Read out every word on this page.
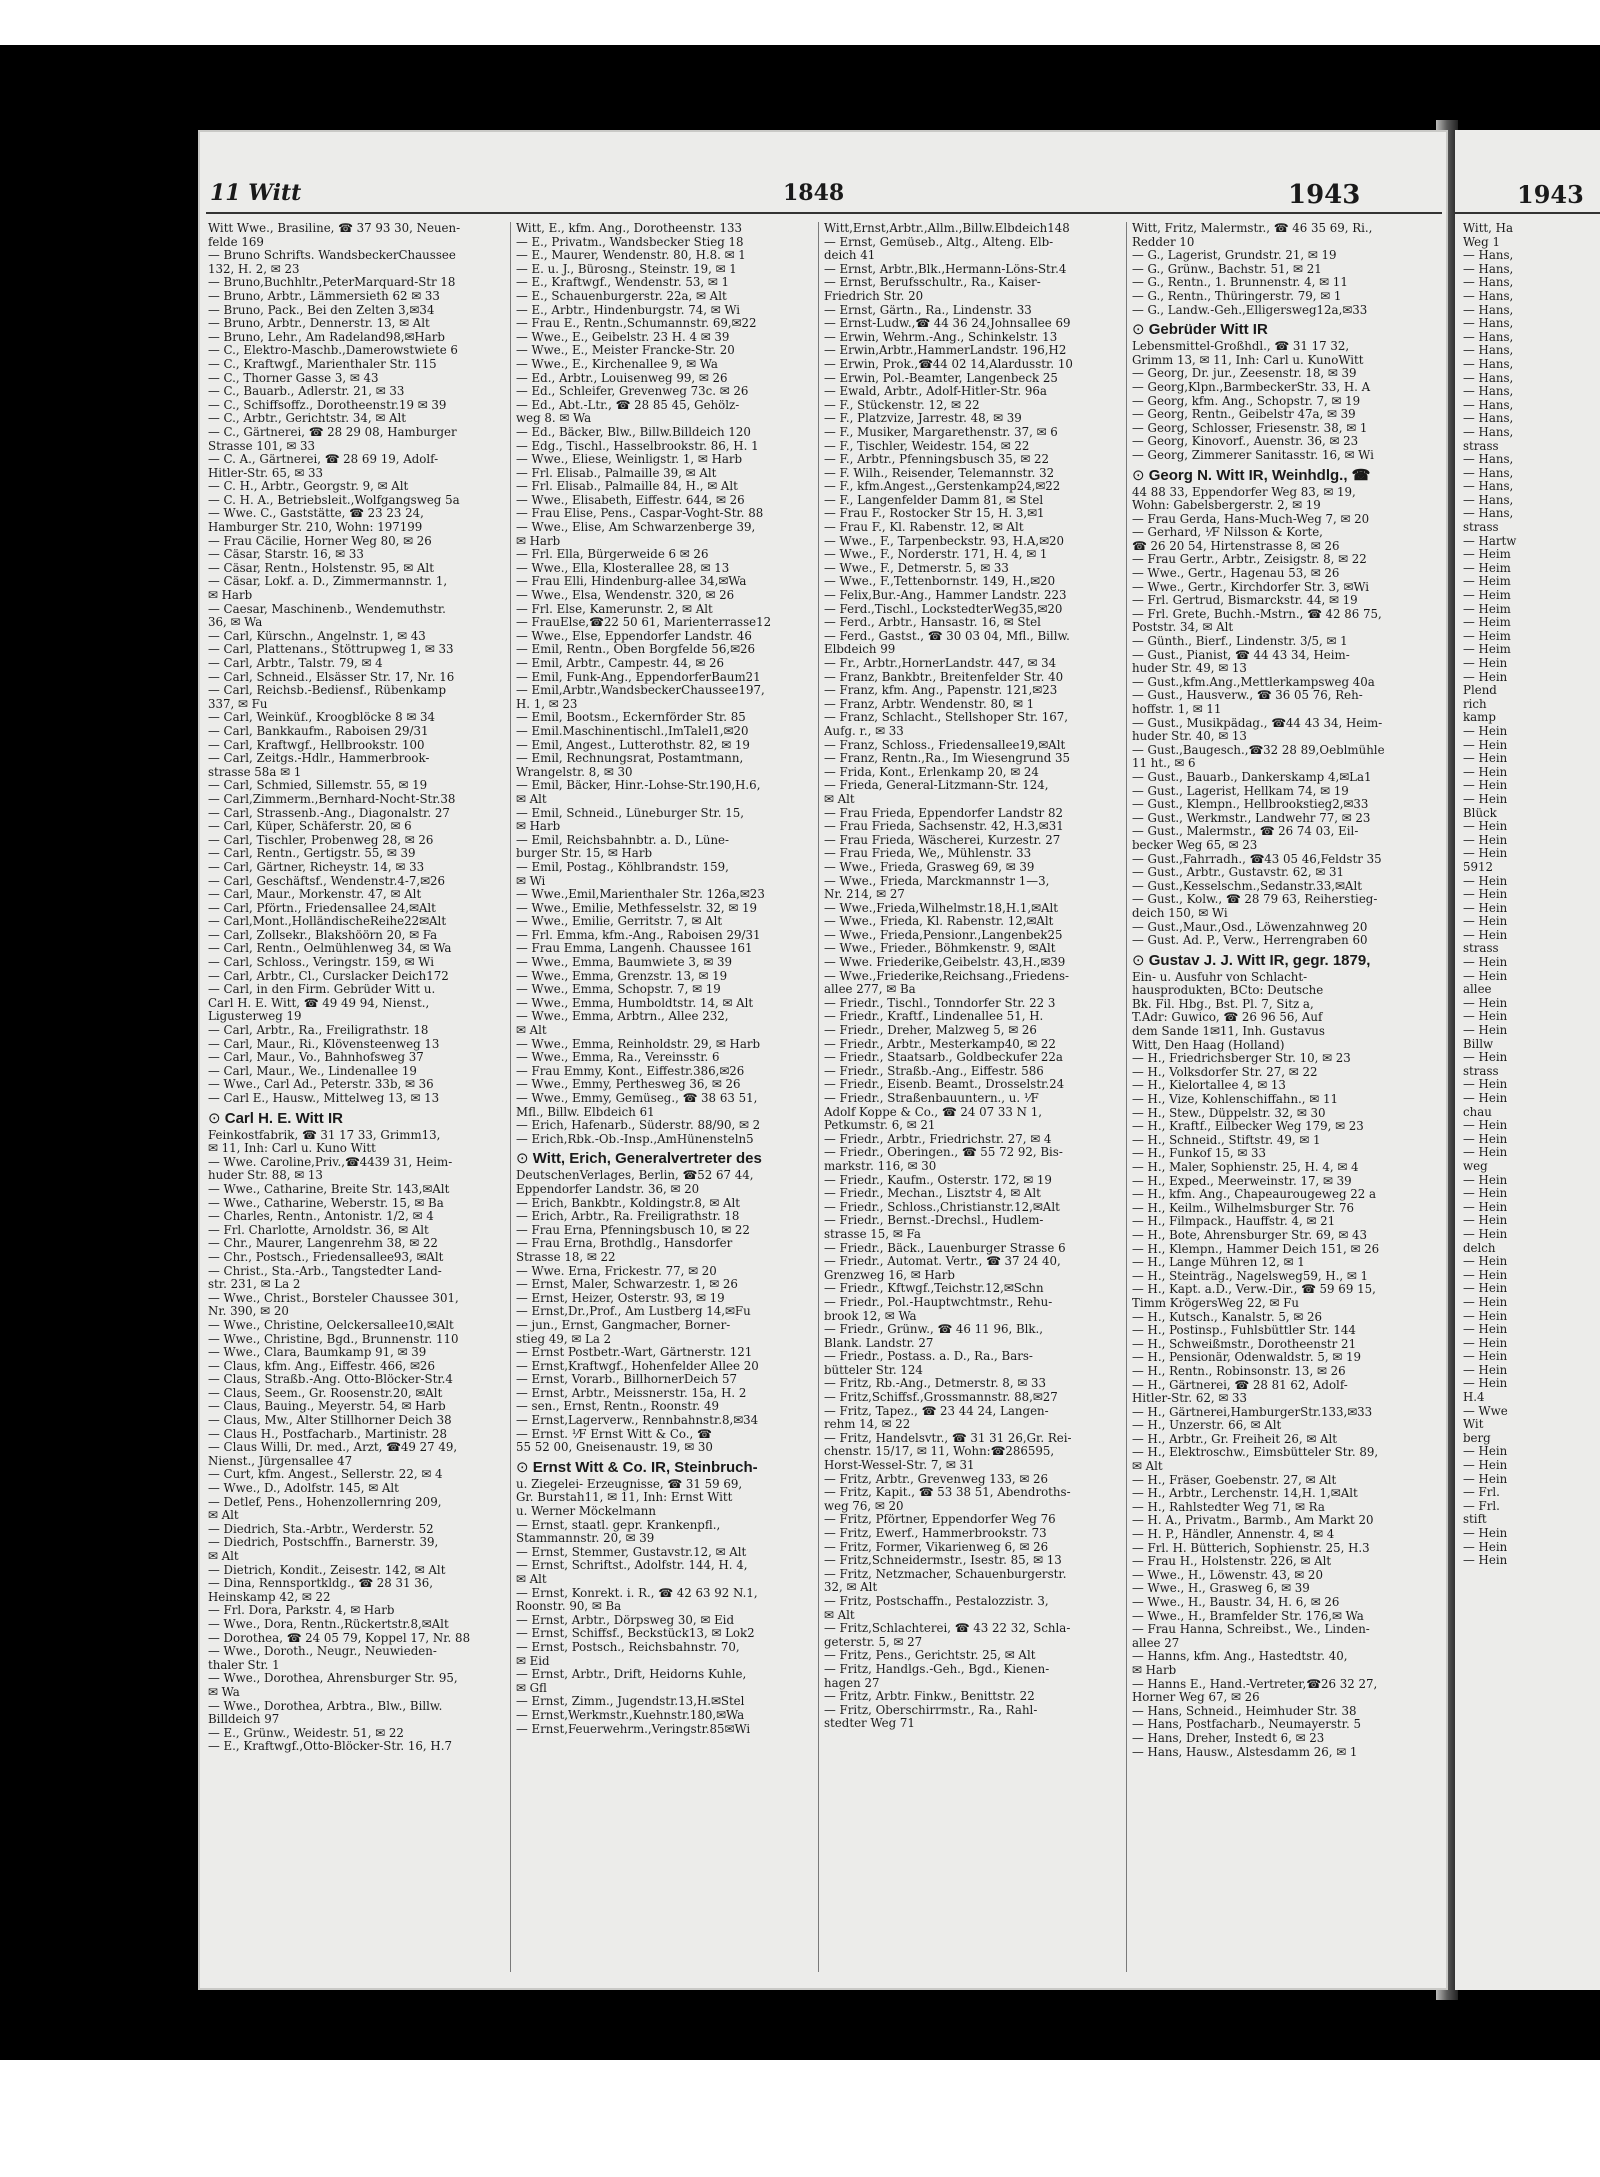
Repaired Document Plastic Covered Document
11 Witt	1848	1943
Witt Wwe., Brasiline, ☎ 37 93 30, Neuen-
felde 169
— Bruno Schrifts. WandsbeckerChaussee
132, H. 2, ✉ 23
— Bruno,Buchhltr.,PeterMarquard-Str 18
— Bruno, Arbtr., Lämmersieth 62 ✉ 33
— Bruno, Pack., Bei den Zelten 3,✉34
— Bruno, Arbtr., Dennerstr. 13, ✉ Alt
— Bruno, Lehr., Am Radeland98,✉Harb
— C., Elektro-Maschb.,Damerowstwiete 6
— C., Kraftwgf., Marienthaler Str. 115
— C., Thorner Gasse 3, ✉ 43
— C., Bauarb., Adlerstr. 21, ✉ 33
— C., Schiffsoffz., Dorotheenstr.19 ✉ 39
— C., Arbtr., Gerichtstr. 34, ✉ Alt
— C., Gärtnerei, ☎ 28 29 08, Hamburger
Strasse 101, ✉ 33
— C. A., Gärtnerei, ☎ 28 69 19, Adolf-
Hitler-Str. 65, ✉ 33
— C. H., Arbtr., Georgstr. 9, ✉ Alt
— C. H. A., Betriebsleit.,Wolfgangsweg 5a
— Wwe. C., Gaststätte, ☎ 23 23 24,
Hamburger Str. 210, Wohn: 197199
— Frau Cäcilie, Horner Weg 80, ✉ 26
— Cäsar, Starstr. 16, ✉ 33
— Cäsar, Rentn., Holstenstr. 95, ✉ Alt
— Cäsar, Lokf. a. D., Zimmermannstr. 1,
✉ Harb
— Caesar, Maschinenb., Wendemuthstr.
36, ✉ Wa
— Carl, Kürschn., Angelnstr. 1, ✉ 43
— Carl, Plattenans., Stöttrupweg 1, ✉ 33
— Carl, Arbtr., Talstr. 79, ✉ 4
— Carl, Schneid., Elsässer Str. 17, Nr. 16
— Carl, Reichsb.-Bediensf., Rübenkamp
337, ✉ Fu
— Carl, Weinküf., Kroogblöcke 8 ✉ 34
— Carl, Bankkaufm., Raboisen 29/31
— Carl, Kraftwgf., Hellbrookstr. 100
— Carl, Zeitgs.-Hdlr., Hammerbrook-
strasse 58a ✉ 1
— Carl, Schmied, Sillemstr. 55, ✉ 19
— Carl,Zimmerm.,Bernhard-Nocht-Str.38
— Carl, Strassenb.-Ang., Diagonalstr. 27
— Carl, Küper, Schäferstr. 20, ✉ 6
— Carl, Tischler, Probenweg 28, ✉ 26
— Carl, Rentn., Gertigstr. 55, ✉ 39
— Carl, Gärtner, Richeystr. 14, ✉ 33
— Carl, Geschäftsf., Wendenstr.4-7,✉26
— Carl, Maur., Morkenstr. 47, ✉ Alt
— Carl, Pförtn., Friedensallee 24,✉Alt
— Carl,Mont.,HolländischeReihe22✉Alt
— Carl, Zollsekr., Blakshöörn 20, ✉ Fa
— Carl, Rentn., Oelmühlenweg 34, ✉ Wa
— Carl, Schloss., Veringstr. 159, ✉ Wi
— Carl, Arbtr., Cl., Curslacker Deich172
— Carl, in den Firm. Gebrüder Witt u.
Carl H. E. Witt, ☎ 49 49 94, Nienst.,
Ligusterweg 19
— Carl, Arbtr., Ra., Freiligrathstr. 18
— Carl, Maur., Ri., Klövensteenweg 13
— Carl, Maur., Vo., Bahnhofsweg 37
— Carl, Maur., We., Lindenallee 19
— Wwe., Carl Ad., Peterstr. 33b, ✉ 36
— Carl E., Hausw., Mittelweg 13, ✉ 13
⊙ Carl H. E. Witt IR
Feinkostfabrik, ☎ 31 17 33, Grimm13,
✉ 11, Inh: Carl u. Kuno Witt
— Wwe. Caroline,Priv.,☎4439 31, Heim-
huder Str. 88, ✉ 13
— Wwe., Catharine, Breite Str. 143,✉Alt
— Wwe., Catharine, Weberstr. 15, ✉ Ba
— Charles, Rentn., Antonistr. 1/2, ✉ 4
— Frl. Charlotte, Arnoldstr. 36, ✉ Alt
— Chr., Maurer, Langenrehm 38, ✉ 22
— Chr., Postsch., Friedensallee93, ✉Alt
— Christ., Sta.-Arb., Tangstedter Land-
str. 231, ✉ La 2
— Wwe., Christ., Borsteler Chaussee 301,
Nr. 390, ✉ 20
— Wwe., Christine, Oelckersallee10,✉Alt
— Wwe., Christine, Bgd., Brunnenstr. 110
— Wwe., Clara, Baumkamp 91, ✉ 39
— Claus, kfm. Ang., Eiffestr. 466, ✉26
— Claus, Straßb.-Ang. Otto-Blöcker-Str.4
— Claus, Seem., Gr. Roosenstr.20, ✉Alt
— Claus, Bauing., Meyerstr. 54, ✉ Harb
— Claus, Mw., Alter Stillhorner Deich 38
— Claus H., Postfacharb., Martinistr. 28
— Claus Willi, Dr. med., Arzt, ☎49 27 49,
Nienst., Jürgensallee 47
— Curt, kfm. Angest., Sellerstr. 22, ✉ 4
— Wwe., D., Adolfstr. 145, ✉ Alt
— Detlef, Pens., Hohenzollernring 209,
✉ Alt
— Diedrich, Sta.-Arbtr., Werderstr. 52
— Diedrich, Postschffn., Barnerstr. 39,
✉ Alt
— Dietrich, Kondit., Zeisestr. 142, ✉ Alt
— Dina, Rennsportkldg., ☎ 28 31 36,
Heinskamp 42, ✉ 22
— Frl. Dora, Parkstr. 4, ✉ Harb
— Wwe., Dora, Rentn.,Rückertstr.8,✉Alt
— Dorothea, ☎ 24 05 79, Koppel 17, Nr. 88
— Wwe., Doroth., Neugr., Neuwieden-
thaler Str. 1
— Wwe., Dorothea, Ahrensburger Str. 95,
✉ Wa
— Wwe., Dorothea, Arbtra., Blw., Billw.
Billdeich 97
— E., Grünw., Weidestr. 51, ✉ 22
— E., Kraftwgf.,Otto-Blöcker-Str. 16, H.7
Witt, E., kfm. Ang., Dorotheenstr. 133
— E., Privatm., Wandsbecker Stieg 18
— E., Maurer, Wendenstr. 80, H.8. ✉ 1
— E. u. J., Bürosng., Steinstr. 19, ✉ 1
— E., Kraftwgf., Wendenstr. 53, ✉ 1
— E., Schauenburgerstr. 22a, ✉ Alt
— E., Arbtr., Hindenburgstr. 74, ✉ Wi
— Frau E., Rentn.,Schumannstr. 69,✉22
— Wwe., E., Geibelstr. 23 H. 4 ✉ 39
— Wwe., E., Meister Francke-Str. 20
— Wwe., E., Kirchenallee 9, ✉ Wa
— Ed., Arbtr., Louisenweg 99, ✉ 26
— Ed., Schleifer, Grevenweg 73c. ✉ 26
— Ed., Abt.-Ltr., ☎ 28 85 45, Gehölz-
weg 8. ✉ Wa
— Ed., Bäcker, Blw., Billw.Billdeich 120
— Edg., Tischl., Hasselbrookstr. 86, H. 1
— Wwe., Eliese, Weinligstr. 1, ✉ Harb
— Frl. Elisab., Palmaille 39, ✉ Alt
— Frl. Elisab., Palmaille 84, H., ✉ Alt
— Wwe., Elisabeth, Eiffestr. 644, ✉ 26
— Frau Elise, Pens., Caspar-Voght-Str. 88
— Wwe., Elise, Am Schwarzenberge 39,
✉ Harb
— Frl. Ella, Bürgerweide 6 ✉ 26
— Wwe., Ella, Klosterallee 28, ✉ 13
— Frau Elli, Hindenburg-allee 34,✉Wa
— Wwe., Elsa, Wendenstr. 320, ✉ 26
— Frl. Else, Kamerunstr. 2, ✉ Alt
— FrauElse,☎22 50 61, Marienterrasse12
— Wwe., Else, Eppendorfer Landstr. 46
— Emil, Rentn., Oben Borgfelde 56,✉26
— Emil, Arbtr., Campestr. 44, ✉ 26
— Emil, Funk-Ang., EppendorferBaum21
— Emil,Arbtr.,WandsbeckerChaussee197,
H. 1, ✉ 23
— Emil, Bootsm., Eckernförder Str. 85
— Emil.Maschinentischl.,ImTalel1,✉20
— Emil, Angest., Lutterothstr. 82, ✉ 19
— Emil, Rechnungsrat, Postamtmann,
Wrangelstr. 8, ✉ 30
— Emil, Bäcker, Hinr.-Lohse-Str.190,H.6,
✉ Alt
— Emil, Schneid., Lüneburger Str. 15,
✉ Harb
— Emil, Reichsbahnbtr. a. D., Lüne-
burger Str. 15, ✉ Harb
— Emil, Postag., Köhlbrandstr. 159,
✉ Wi
— Wwe.,Emil,Marienthaler Str. 126a,✉23
— Wwe., Emilie, Methfesselstr. 32, ✉ 19
— Wwe., Emilie, Gerritstr. 7, ✉ Alt
— Frl. Emma, kfm.-Ang., Raboisen 29/31
— Frau Emma, Langenh. Chaussee 161
— Wwe., Emma, Baumwiete 3, ✉ 39
— Wwe., Emma, Grenzstr. 13, ✉ 19
— Wwe., Emma, Schopstr. 7, ✉ 19
— Wwe., Emma, Humboldtstr. 14, ✉ Alt
— Wwe., Emma, Arbtrn., Allee 232,
✉ Alt
— Wwe., Emma, Reinholdstr. 29, ✉ Harb
— Wwe., Emma, Ra., Vereinsstr. 6
— Frau Emmy, Kont., Eiffestr.386,✉26
— Wwe., Emmy, Perthesweg 36, ✉ 26
— Wwe., Emmy, Gemüseg., ☎ 38 63 51,
Mfl., Billw. Elbdeich 61
— Erich, Hafenarb., Süderstr. 88/90, ✉ 2
— Erich,Rbk.-Ob.-Insp.,AmHünensteln5
⊙ Witt, Erich, Generalvertreter des
DeutschenVerlages, Berlin, ☎52 67 44,
Eppendorfer Landstr. 36, ✉ 20
— Erich, Bankbtr., Koldingstr.8, ✉ Alt
— Erich, Arbtr., Ra. Freiligrathstr. 18
— Frau Erna, Pfenningsbusch 10, ✉ 22
— Frau Erna, Brothdlg., Hansdorfer
Strasse 18, ✉ 22
— Wwe. Erna, Frickestr. 77, ✉ 20
— Ernst, Maler, Schwarzestr. 1, ✉ 26
— Ernst, Heizer, Osterstr. 93, ✉ 19
— Ernst,Dr.,Prof., Am Lustberg 14,✉Fu
— jun., Ernst, Gangmacher, Borner-
stieg 49, ✉ La 2
— Ernst Postbetr.-Wart, Gärtnerstr. 121
— Ernst,Kraftwgf., Hohenfelder Allee 20
— Ernst, Vorarb., BillhornerDeich 57
— Ernst, Arbtr., Meissnerstr. 15a, H. 2
— sen., Ernst, Rentn., Roonstr. 49
— Ernst,Lagerverw., Rennbahnstr.8,✉34
— Ernst. ⅟F Ernst Witt & Co., ☎
55 52 00, Gneisenaustr. 19, ✉ 30
⊙ Ernst Witt & Co. IR, Steinbruch-
u. Ziegelei- Erzeugnisse, ☎ 31 59 69,
Gr. Burstah11, ✉ 11, Inh: Ernst Witt
u. Werner Möckelmann
— Ernst, staatl. gepr. Krankenpfl.,
Stammannstr. 20, ✉ 39
— Ernst, Stemmer, Gustavstr.12, ✉ Alt
— Ernst, Schriftst., Adolfstr. 144, H. 4,
✉ Alt
— Ernst, Konrekt. i. R., ☎ 42 63 92 N.1,
Roonstr. 90, ✉ Ba
— Ernst, Arbtr., Dörpsweg 30, ✉ Eid
— Ernst, Schiffsf., Beckstück13, ✉ Lok2
— Ernst, Postsch., Reichsbahnstr. 70,
✉ Eid
— Ernst, Arbtr., Drift, Heidorns Kuhle,
✉ Gfl
— Ernst, Zimm., Jugendstr.13,H.✉Stel
— Ernst,Werkmstr.,Kuehnstr.180,✉Wa
— Ernst,Feuerwehrm.,Veringstr.85✉Wi
Witt,Ernst,Arbtr.,Allm.,Billw.Elbdeich148
— Ernst, Gemüseb., Altg., Alteng. Elb-
deich 41
— Ernst, Arbtr.,Blk.,Hermann-Löns-Str.4
— Ernst, Berufsschultr., Ra., Kaiser-
Friedrich Str. 20
— Ernst, Gärtn., Ra., Lindenstr. 33
— Ernst-Ludw.,☎ 44 36 24,Johnsallee 69
— Erwin, Wehrm.-Ang., Schinkelstr. 13
— Erwin,Arbtr.,HammerLandstr. 196,H2
— Erwin, Prok.,☎44 02 14,Alardusstr. 10
— Erwin, Pol.-Beamter, Langenbeck 25
— Ewald, Arbtr., Adolf-Hitler-Str. 96a
— F., Stückenstr. 12, ✉ 22
— F., Platzvize, Jarrestr. 48, ✉ 39
— F., Musiker, Margarethenstr. 37, ✉ 6
— F., Tischler, Weidestr. 154, ✉ 22
— F., Arbtr., Pfenningsbusch 35, ✉ 22
— F. Wilh., Reisender, Telemannstr. 32
— F., kfm.Angest.,,Gerstenkamp24,✉22
— F., Langenfelder Damm 81, ✉ Stel
— Frau F., Rostocker Str 15, H. 3,✉1
— Frau F., Kl. Rabenstr. 12, ✉ Alt
— Wwe., F., Tarpenbeckstr. 93, H.A,✉20
— Wwe., F., Norderstr. 171, H. 4, ✉ 1
— Wwe., F., Detmerstr. 5, ✉ 33
— Wwe., F.,Tettenbornstr. 149, H.,✉20
— Felix,Bur.-Ang., Hammer Landstr. 223
— Ferd.,Tischl., LockstedterWeg35,✉20
— Ferd., Arbtr., Hansastr. 16, ✉ Stel
— Ferd., Gastst., ☎ 30 03 04, Mfl., Billw.
Elbdeich 99
— Fr., Arbtr.,HornerLandstr. 447, ✉ 34
— Franz, Bankbtr., Breitenfelder Str. 40
— Franz, kfm. Ang., Papenstr. 121,✉23
— Franz, Arbtr. Wendenstr. 80, ✉ 1
— Franz, Schlacht., Stellshoper Str. 167,
Aufg. r., ✉ 33
— Franz, Schloss., Friedensallee19,✉Alt
— Franz, Rentn.,Ra., Im Wiesengrund 35
— Frida, Kont., Erlenkamp 20, ✉ 24
— Frieda, General-Litzmann-Str. 124,
✉ Alt
— Frau Frieda, Eppendorfer Landstr 82
— Frau Frieda, Sachsenstr. 42, H.3,✉31
— Frau Frieda, Wäscherei, Kurzestr. 27
— Frau Frieda, We,, Mühlenstr. 33
— Wwe., Frieda, Grasweg 69, ✉ 39
— Wwe., Frieda, Marckmannstr 1—3,
Nr. 214, ✉ 27
— Wwe.,Frieda,Wilhelmstr.18,H.1,✉Alt
— Wwe., Frieda, Kl. Rabenstr. 12,✉Alt
— Wwe., Frieda,Pensionr.,Langenbek25
— Wwe., Frieder., Böhmkenstr. 9, ✉Alt
— Wwe. Friederike,Geibelstr. 43,H.,✉39
— Wwe.,Friederike,Reichsang.,Friedens-
allee 277, ✉ Ba
— Friedr., Tischl., Tonndorfer Str. 22 3
— Friedr., Kraftf., Lindenallee 51, H.
— Friedr., Dreher, Malzweg 5, ✉ 26
— Friedr., Arbtr., Mesterkamp40, ✉ 22
— Friedr., Staatsarb., Goldbeckufer 22a
— Friedr., Straßb.-Ang., Eiffestr. 586
— Friedr., Eisenb. Beamt., Drosselstr.24
— Friedr., Straßenbauuntern., u. ⅟F
Adolf Koppe & Co., ☎ 24 07 33 N 1,
Petkumstr. 6, ✉ 21
— Friedr., Arbtr., Friedrichstr. 27, ✉ 4
— Friedr., Oberingen., ☎ 55 72 92, Bis-
markstr. 116, ✉ 30
— Friedr., Kaufm., Osterstr. 172, ✉ 19
— Friedr., Mechan., Lisztstr 4, ✉ Alt
— Friedr., Schloss.,Christianstr.12,✉Alt
— Friedr., Bernst.-Drechsl., Hudlem-
strasse 15, ✉ Fa
— Friedr., Bäck., Lauenburger Strasse 6
— Friedr., Automat. Vertr., ☎ 37 24 40,
Grenzweg 16, ✉ Harb
— Friedr., Kftwgf.,Teichstr.12,✉Schn
— Friedr., Pol.-Hauptwchtmstr., Rehu-
brook 12, ✉ Wa
— Friedr., Grünw., ☎ 46 11 96, Blk.,
Blank. Landstr. 27
— Friedr., Postass. a. D., Ra., Bars-
bütteler Str. 124
— Fritz, Rb.-Ang., Detmerstr. 8, ✉ 33
— Fritz,Schiffsf.,Grossmannstr. 88,✉27
— Fritz, Tapez., ☎ 23 44 24, Langen-
rehm 14, ✉ 22
— Fritz, Handelsvtr., ☎ 31 31 26,Gr. Rei-
chenstr. 15/17, ✉ 11, Wohn:☎286595,
Horst-Wessel-Str. 7, ✉ 31
— Fritz, Arbtr., Grevenweg 133, ✉ 26
— Fritz, Kapit., ☎ 53 38 51, Abendroths-
weg 76, ✉ 20
— Fritz, Pförtner, Eppendorfer Weg 76
— Fritz, Ewerf., Hammerbrookstr. 73
— Fritz, Former, Vikarienweg 6, ✉ 26
— Fritz,Schneidermstr., Isestr. 85, ✉ 13
— Fritz, Netzmacher, Schauenburgerstr.
32, ✉ Alt
— Fritz, Postschaffn., Pestalozzistr. 3,
✉ Alt
— Fritz,Schlachterei, ☎ 43 22 32, Schla-
geterstr. 5, ✉ 27
— Fritz, Pens., Gerichtstr. 25, ✉ Alt
— Fritz, Handlgs.-Geh., Bgd., Kienen-
hagen 27
— Fritz, Arbtr. Finkw., Benittstr. 22
— Fritz, Oberschirrmstr., Ra., Rahl-
stedter Weg 71
Witt, Fritz, Malermstr., ☎ 46 35 69, Ri.,
Redder 10
— G., Lagerist, Grundstr. 21, ✉ 19
— G., Grünw., Bachstr. 51, ✉ 21
— G., Rentn., 1. Brunnenstr. 4, ✉ 11
— G., Rentn., Thüringerstr. 79, ✉ 1
— G., Landw.-Geh.,Elligersweg12a,✉33
⊙ Gebrüder Witt IR
Lebensmittel-Großhdl., ☎ 31 17 32,
Grimm 13, ✉ 11, Inh: Carl u. KunoWitt
— Georg, Dr. jur., Zeesenstr. 18, ✉ 39
— Georg,Klpn.,BarmbeckerStr. 33, H. A
— Georg, kfm. Ang., Schopstr. 7, ✉ 19
— Georg, Rentn., Geibelstr 47a, ✉ 39
— Georg, Schlosser, Friesenstr. 38, ✉ 1
— Georg, Kinovorf., Auenstr. 36, ✉ 23
— Georg, Zimmerer Sanitasstr. 16, ✉ Wi
⊙ Georg N. Witt IR, Weinhdlg., ☎
44 88 33, Eppendorfer Weg 83, ✉ 19,
Wohn: Gabelsbergerstr. 2, ✉ 19
— Frau Gerda, Hans-Much-Weg 7, ✉ 20
— Gerhard, ⅟F Nilsson & Korte,
☎ 26 20 54, Hirtenstrasse 8, ✉ 26
— Frau Gertr., Arbtr., Zeisigstr. 8, ✉ 22
— Wwe., Gertr., Hagenau 53, ✉ 26
— Wwe., Gertr., Kirchdorfer Str. 3, ✉Wi
— Frl. Gertrud, Bismarckstr. 44, ✉ 19
— Frl. Grete, Buchh.-Mstrn., ☎ 42 86 75,
Poststr. 34, ✉ Alt
— Günth., Bierf., Lindenstr. 3/5, ✉ 1
— Gust., Pianist, ☎ 44 43 34, Heim-
huder Str. 49, ✉ 13
— Gust.,kfm.Ang.,Mettlerkampsweg 40a
— Gust., Hausverw., ☎ 36 05 76, Reh-
hoffstr. 1, ✉ 11
— Gust., Musikpädag., ☎44 43 34, Heim-
huder Str. 40, ✉ 13
— Gust.,Baugesch.,☎32 28 89,Oeblmühle
11 ht., ✉ 6
— Gust., Bauarb., Dankerskamp 4,✉La1
— Gust., Lagerist, Hellkam 74, ✉ 19
— Gust., Klempn., Hellbrookstieg2,✉33
— Gust., Werkmstr., Landwehr 77, ✉ 23
— Gust., Malermstr., ☎ 26 74 03, Eil-
becker Weg 65, ✉ 23
— Gust.,Fahrradh., ☎43 05 46,Feldstr 35
— Gust., Arbtr., Gustavstr. 62, ✉ 31
— Gust.,Kesselschm.,Sedanstr.33,✉Alt
— Gust., Kolw., ☎ 28 79 63, Reiherstieg-
deich 150, ✉ Wi
— Gust.,Maur.,Osd., Löwenzahnweg 20
— Gust. Ad. P., Verw., Herrengraben 60
⊙ Gustav J. J. Witt IR, gegr. 1879,
Ein- u. Ausfuhr von Schlacht-
hausprodukten, BCto: Deutsche
Bk. Fil. Hbg., Bst. Pl. 7, Sitz a,
T.Adr: Guwico, ☎ 26 96 56, Auf
dem Sande 1✉11, Inh. Gustavus
Witt, Den Haag (Holland)
— H., Friedrichsberger Str. 10, ✉ 23
— H., Volksdorfer Str. 27, ✉ 22
— H., Kielortallee 4, ✉ 13
— H., Vize, Kohlenschiffahn., ✉ 11
— H., Stew., Düppelstr. 32, ✉ 30
— H., Kraftf., Eilbecker Weg 179, ✉ 23
— H., Schneid., Stiftstr. 49, ✉ 1
— H., Funkof 15, ✉ 33
— H., Maler, Sophienstr. 25, H. 4, ✉ 4
— H., Exped., Meerweinstr. 17, ✉ 39
— H., kfm. Ang., Chapeaurougeweg 22 a
— H., Keilm., Wilhelmsburger Str. 76
— H., Filmpack., Hauffstr. 4, ✉ 21
— H., Bote, Ahrensburger Str. 69, ✉ 43
— H., Klempn., Hammer Deich 151, ✉ 26
— H., Lange Mühren 12, ✉ 1
— H., Steinträg., Nagelsweg59, H., ✉ 1
— H., Kapt. a.D., Verw.-Dir., ☎ 59 69 15,
Timm KrögersWeg 22, ✉ Fu
— H., Kutsch., Kanalstr. 5, ✉ 26
— H., Postinsp., Fuhlsbüttler Str. 144
— H., Schweißmstr., Dorotheenstr 21
— H., Pensionär, Odenwaldstr. 5, ✉ 19
— H., Rentn., Robinsonstr. 13, ✉ 26
— H., Gärtnerei, ☎ 28 81 62, Adolf-
Hitler-Str. 62, ✉ 33
— H., Gärtnerei,HamburgerStr.133,✉33
— H., Unzerstr. 66, ✉ Alt
— H., Arbtr., Gr. Freiheit 26, ✉ Alt
— H., Elektroschw., Eimsbütteler Str. 89,
✉ Alt
— H., Fräser, Goebenstr. 27, ✉ Alt
— H., Arbtr., Lerchenstr. 14,H. 1,✉Alt
— H., Rahlstedter Weg 71, ✉ Ra
— H. A., Privatm., Barmb., Am Markt 20
— H. P., Händler, Annenstr. 4, ✉ 4
— Frl. H. Bütterich, Sophienstr. 25, H.3
— Frau H., Holstenstr. 226, ✉ Alt
— Wwe., H., Löwenstr. 43, ✉ 20
— Wwe., H., Grasweg 6, ✉ 39
— Wwe., H., Baustr. 34, H. 6, ✉ 26
— Wwe., H., Bramfelder Str. 176,✉ Wa
— Frau Hanna, Schreibst., We., Linden-
allee 27
— Hanns, kfm. Ang., Hastedtstr. 40,
✉ Harb
— Hanns E., Hand.-Vertreter,☎26 32 27,
Horner Weg 67, ✉ 26
— Hans, Schneid., Heimhuder Str. 38
— Hans, Postfacharb., Neumayerstr. 5
— Hans, Dreher, Instedt 6, ✉ 23
— Hans, Hausw., Alstesdamm 26, ✉ 1
1943
Witt, Ha
Weg 1
— Hans,
— Hans,
— Hans,
— Hans,
— Hans,
— Hans,
— Hans,
— Hans,
— Hans,
— Hans,
— Hans,
— Hans,
— Hans,
— Hans,
strass
— Hans,
— Hans,
— Hans,
— Hans,
— Hans,
strass
— Hartw
— Heim
— Heim
— Heim
— Heim
— Heim
— Heim
— Heim
— Heim
— Hein
— Hein
Plend
rich
kamp
— Hein
— Hein
— Hein
— Hein
— Hein
— Hein
Blück
— Hein
— Hein
— Hein
5912
— Hein
— Hein
— Hein
— Hein
— Hein
strass
— Hein
— Hein
allee
— Hein
— Hein
— Hein
Billw
— Hein
strass
— Hein
— Hein
chau
— Hein
— Hein
— Hein
weg
— Hein
— Hein
— Hein
— Hein
— Hein
delch
— Hein
— Hein
— Hein
— Hein
— Hein
— Hein
— Hein
— Hein
— Hein
— Hein
H.4
— Wwe
Wit
berg
— Hein
— Hein
— Hein
— Frl.
— Frl.
stift
— Hein
— Hein
— Hein
